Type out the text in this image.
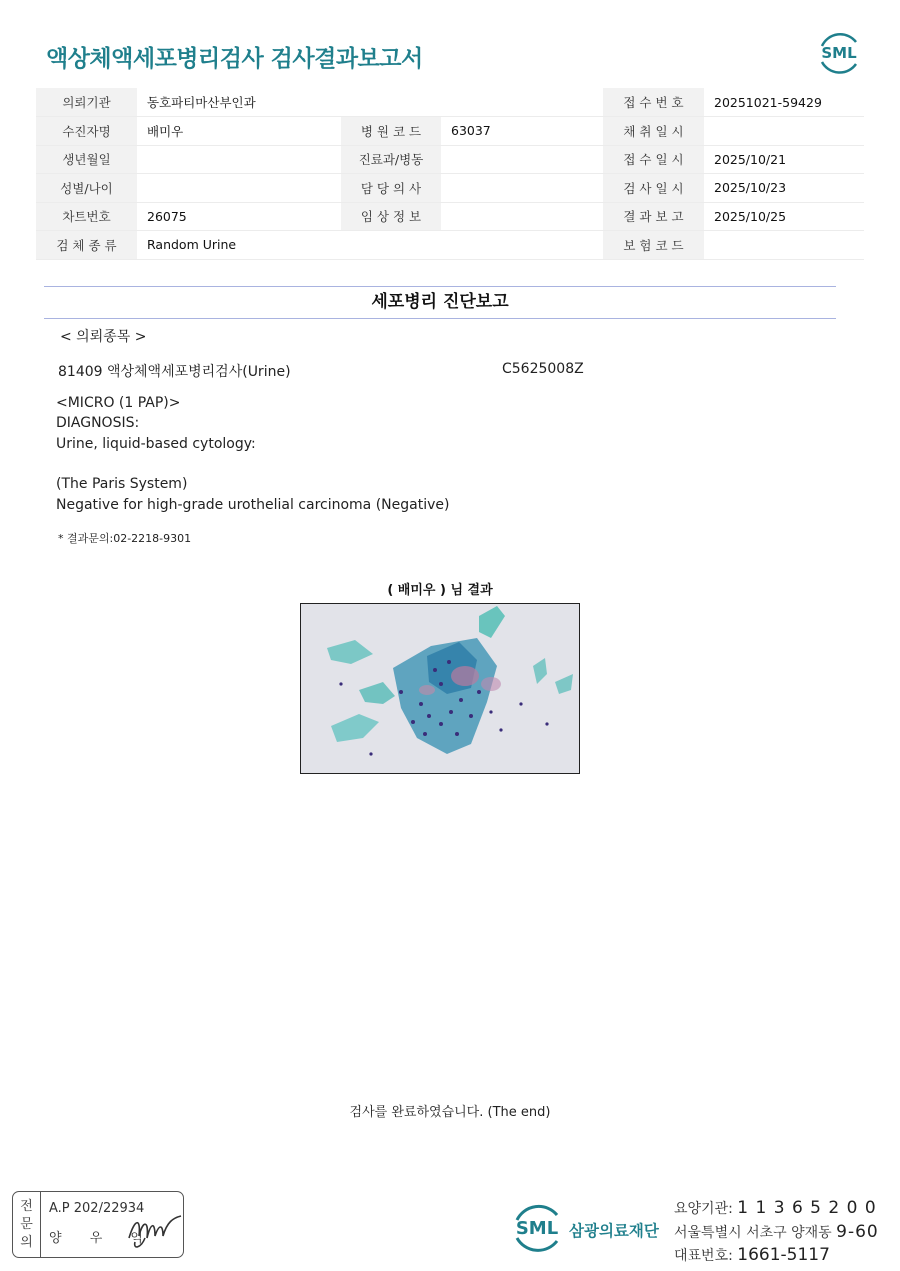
액상체액세포병리검사 검사결과보고서	SML
의뢰기관	동호파티마산부인과			접 수 번 호	20251021-59429
수진자명	배미우	병 원 코 드	63037	채 취 일 시	
생년월일		진료과/병동		접 수 일 시	2025/10/21
성별/나이		담 당 의 사		검 사 일 시	2025/10/23
차트번호	26075	임 상 정 보		결 과 보 고	2025/10/25
검 체 종 류	Random Urine			보 험 코 드	
세포병리 진단보고
< 의뢰종목 >
81409 액상체액세포병리검사(Urine)	C5625008Z
<MICRO (1 PAP)>
DIAGNOSIS:
Urine, liquid-based cytology:
(The Paris System)
Negative for high-grade urothelial carcinoma (Negative)
* 결과문의:02-2218-9301
( 배미우 ) 님 결과
검사를 완료하였습니다. (The end)
전
문
의
A.P 202/22934
양 우 익	SML 삼광의료재단
요양기관: 1 1 3 6 5 2 0 0
서울특별시 서초구 양재동 9-60
대표번호: 1661-5117
